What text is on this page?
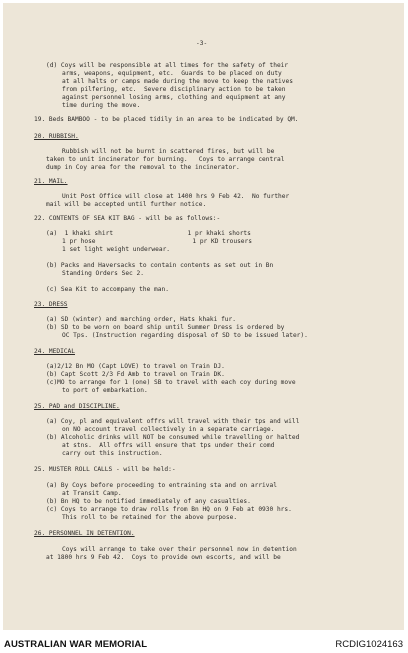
-3-
(d) Coys will be responsible at all times for the safety of their
arms, weapons, equipment, etc.  Guards to be placed on duty
at all halts or camps made during the move to keep the natives
from pilfering, etc.  Severe disciplinary action to be taken
against personnel losing arms, clothing and equipment at any
time during the move.
19. Beds BAMBOO - to be placed tidily in an area to be indicated by QM.
20. RUBBISH.
Rubbish will not be burnt in scattered fires, but will be
taken to unit incinerator for burning.   Coys to arrange central
dump in Coy area for the removal to the incinerator.
21. MAIL.
Unit Post Office will close at 1400 hrs 9 Feb 42.  No further
mail will be accepted until further notice.
22. CONTENTS OF SEA KIT BAG - will be as follows:-
(a)  1 khaki shirt                    1 pr khaki shorts
1 pr hose                          1 pr KD trousers
1 set light weight underwear.
(b) Packs and Haversacks to contain contents as set out in Bn
Standing Orders Sec 2.
(c) Sea Kit to accompany the man.
23. DRESS
(a) SD (winter) and marching order, Hats khaki fur.
(b) SD to be worn on board ship until Summer Dress is ordered by
OC Tps. (Instruction regarding disposal of SD to be issued later).
24. MEDICAL
(a)2/12 Bn MO (Capt LOVE) to travel on Train DJ.
(b) Capt Scott 2/3 Fd Amb to travel on Train DK.
(c)MO to arrange for 1 (one) SB to travel with each coy during move
to port of embarkation.
25. PAD and DISCIPLINE.
(a) Coy, pl and equivalent offrs will travel with their tps and will
on NO account travel collectively in a separate carriage.
(b) Alcoholic drinks will NOT be consumed while travelling or halted
at stns.  All offrs will ensure that tps under their comd
carry out this instruction.
25. MUSTER ROLL CALLS - will be held:-
(a) By Coys before proceeding to entraining sta and on arrival
at Transit Camp.
(b) Bn HQ to be notified immediately of any casualties.
(c) Coys to arrange to draw rolls from Bn HQ on 9 Feb at 0930 hrs.
This roll to be retained for the above purpose.
26. PERSONNEL IN DETENTION.
Coys will arrange to take over their personnel now in detention
at 1800 hrs 9 Feb 42.  Coys to provide own escorts, and will be
AUSTRALIAN WAR MEMORIAL	RCDIG1024163
